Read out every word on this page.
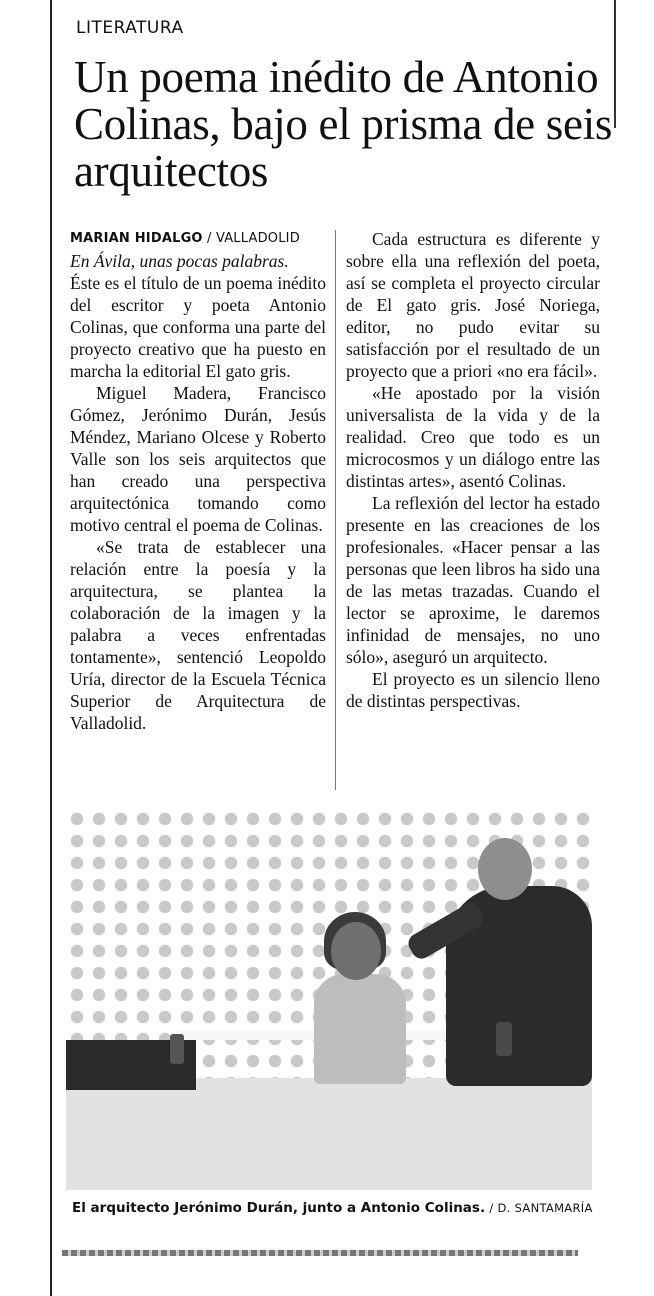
LITERATURA
Un poema inédito de Antonio Colinas, bajo el prisma de seis arquitectos
MARIAN HIDALGO / VALLADOLID

En Ávila, unas pocas palabras.

Éste es el título de un poema inédito del escritor y poeta Antonio Colinas, que conforma una parte del proyecto creativo que ha puesto en marcha la editorial El gato gris.

Miguel Madera, Francisco Gómez, Jerónimo Durán, Jesús Méndez, Mariano Olcese y Roberto Valle son los seis arquitectos que han creado una perspectiva arquitectónica tomando como motivo central el poema de Colinas.

«Se trata de establecer una relación entre la poesía y la arquitectura, se plantea la colaboración de la imagen y la palabra a veces enfrentadas tontamente», sentenció Leopoldo Uría, director de la Escuela Técnica Superior de Arquitectura de Valladolid.

Cada estructura es diferente y sobre ella una reflexión del poeta, así se completa el proyecto circular de El gato gris. José Noriega, editor, no pudo evitar su satisfacción por el resultado de un proyecto que a priori «no era fácil».

«He apostado por la visión universalista de la vida y de la realidad. Creo que todo es un microcosmos y un diálogo entre las distintas artes», asentó Colinas.

La reflexión del lector ha estado presente en las creaciones de los profesionales. «Hacer pensar a las personas que leen libros ha sido una de las metas trazadas. Cuando el lector se aproxime, le daremos infinidad de mensajes, no uno sólo», aseguró un arquitecto.

El proyecto es un silencio lleno de distintas perspectivas.

El arquitecto Jerónimo Durán, junto a Antonio Colinas. / D. SANTAMARÍA
